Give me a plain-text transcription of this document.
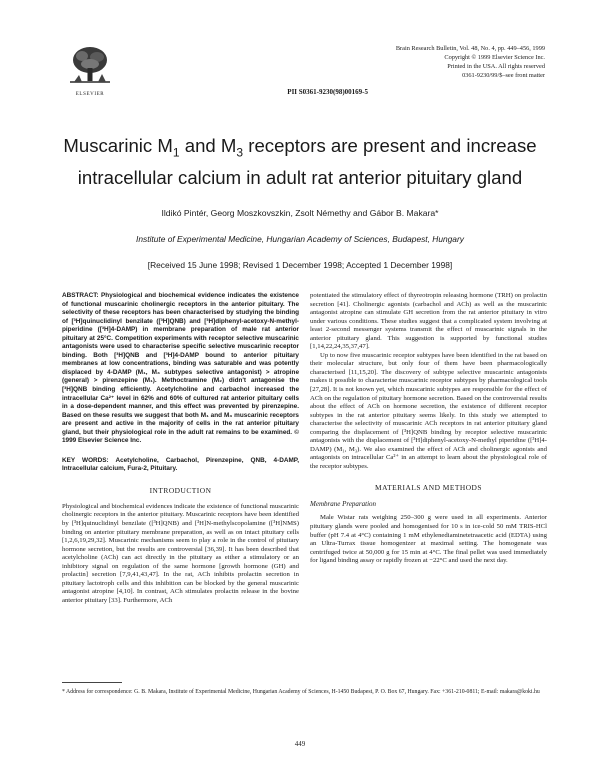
ELSEVIER
Brain Research Bulletin, Vol. 48, No. 4, pp. 449–456, 1999
Copyright © 1999 Elsevier Science Inc.
Printed in the USA. All rights reserved
0361-9230/99/$–see front matter
PII S0361-9230(98)00169-5
Muscarinic $M_1$ and $M_3$ receptors are present and increase intracellular calcium in adult rat anterior pituitary gland
Ildikó Pintér, Georg Moszkovszkin, Zsolt Némethy and Gábor B. Makara*
Institute of Experimental Medicine, Hungarian Academy of Sciences, Budapest, Hungary
[Received 15 June 1998; Revised 1 December 1998; Accepted 1 December 1998]

ABSTRACT: Physiological and biochemical evidence indicates the existence of functional muscarinic cholinergic receptors in the anterior pituitary. The selectivity of these receptors has been characterised by studying the binding of [³H]quinuclidinyl benzilate ([³H]QNB) and [³H]diphenyl-acetoxy-N-methyl-piperidine ([³H]4-DAMP) in membrane preparation of male rat anterior pituitary at 25°C. Competition experiments with receptor selective muscarinic antagonists were used to characterise specific selective muscarinic receptor binding. Both [³H]QNB and [³H]4-DAMP bound to anterior pituitary membranes at low concentrations, binding was saturable and was potently displaced by 4-DAMP (M₁, M₃ subtypes selective antagonist) > atropine (general) > pirenzepine (M₁). Methoctramine (M₂) didn't antagonise the [³H]QNB binding efficiently. Acetylcholine and carbachol increased the intracellular Ca²⁺ level in 62% and 60% of cultured rat anterior pituitary cells in a dose-dependent manner, and this effect was prevented by pirenzepine. Based on these results we suggest that both M₁ and M₃ muscarinic receptors are present and active in the majority of cells in the rat anterior pituitary gland, but their physiological role in the adult rat remains to be examined. © 1999 Elsevier Science Inc.

KEY WORDS: Acetylcholine, Carbachol, Pirenzepine, QNB, 4-DAMP, Intracellular calcium, Fura-2, Pituitary.

INTRODUCTION

Physiological and biochemical evidences indicate the existence of functional muscarinic cholinergic receptors in the anterior pituitary. Muscarinic receptors have been identified by [³H]quinuclidinyl benzilate ([³H]QNB) and [³H]N-methylscopolamine ([³H]NMS) binding on anterior pituitary membrane preparation, as well as on intact pituitary cells [1,2,6,19,29,32]. Muscarinic mechanisms seem to play a role in the control of pituitary hormone secretion, but the results are controversial [36,39]. It has been described that acetylcholine (ACh) can act directly in the pituitary as either a stimulatory or an inhibitory signal on regulation of the same hormone [growth hormone (GH) and prolactin] secretion [7,9,41,43,47]. In the rat, ACh inhibits prolactin secretion in pituitary lactotroph cells and this inhibition can be blocked by the general muscarinic antagonist atropine [4,10]. In contrast, ACh stimulates prolactin release in the bovine anterior pituitary [33]. Furthermore, ACh

potentiated the stimulatory effect of thyreotropin releasing hormone (TRH) on prolactin secretion [41]. Cholinergic agonists (carbachol and ACh) as well as the muscarinic antagonist atropine can stimulate GH secretion from the rat anterior pituitary in vitro under various conditions. These studies suggest that a complicated system involving at least 2-second messenger systems transmit the effect of muscarinic signals in the anterior pituitary gland. This suggestion is supported by functional studies [1,14,22,24,35,37,47].

Up to now five muscarinic receptor subtypes have been identified in the rat based on their molecular structure, but only four of them have been pharmacologically characterised [11,15,20]. The discovery of subtype selective muscarinic antagonists makes it possible to characterise muscarinic receptor subtypes by pharmacological tools [27,28]. It is not known yet, which muscarinic subtypes are responsible for the effect of ACh on the regulation of pituitary hormone secretion. Based on the controversial results about the effect of ACh on hormone secretion, the existence of different receptor subtypes in the rat anterior pituitary seems likely. In this study we attempted to characterise the selectivity of muscarinic ACh receptors in rat anterior pituitary gland comparing the displacement of [³H]QNB binding by receptor selective muscarinic antagonists with the displacement of [³H]diphenyl-acetoxy-N-methyl piperidine ([³H]4-DAMP) (M₁, M₃). We also examined the effect of ACh and cholinergic agonists and antagonists on intracellular Ca²⁺ in an attempt to learn about the physiological role of the receptor subtypes.

MATERIALS AND METHODS
Membrane Preparation

Male Wistar rats weighing 250–300 g were used in all experiments. Anterior pituitary glands were pooled and homogenised for 10 s in ice-cold 50 mM TRIS-HCl buffer (pH 7.4 at 4°C) containing 1 mM ethylenediaminetetraacetic acid (EDTA) using an Ultra-Turrax tissue homogenizer at maximal setting. The homogenate was centrifuged twice at 50,000 g for 15 min at 4°C. The final pellet was used immediately for ligand binding assay or rapidly frozen at −22°C and used the next day.

* Address for correspondence: G. B. Makara, Institute of Experimental Medicine, Hungarian Academy of Sciences, H-1450 Budapest, P. O. Box 67, Hungary. Fax: +361-210-0811; E-mail: makara@koki.hu
449
